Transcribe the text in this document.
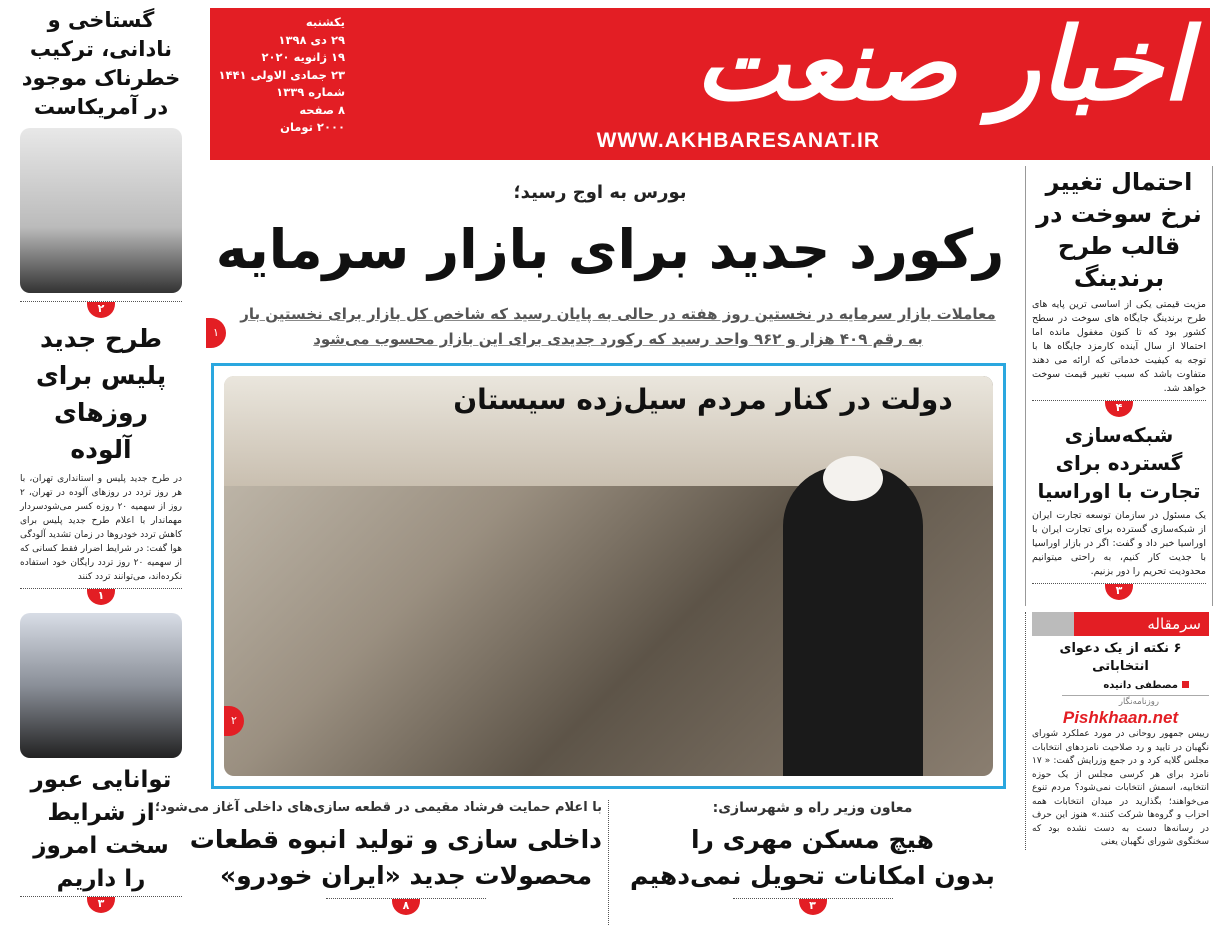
اخبار صنعت
WWW.AKHBARESANAT.IR
یکشنبه
۲۹ دی ۱۳۹۸
۱۹ ژانویه ۲۰۲۰
۲۳ جمادی الاولی ۱۴۴۱
شماره ۱۳۳۹
۸ صفحه
۲۰۰۰ تومان
بورس به اوج رسید؛
رکورد جدید برای بازار سرمایه
معاملات بازار سرمایه در نخستین روز هفته در حالی به پایان رسید که شاخص کل بازار برای نخستین بار
به رقم ۴۰۹ هزار و ۹۶۲ واحد رسید که رکورد جدیدی برای این بازار محسوب می‌شود
۱
دولت در کنار مردم سیل‌زده سیستان
۲
معاون وزیر راه و شهرسازی:
هیچ مسکن مهری را
بدون امکانات تحویل نمی‌دهیم
۳
با اعلام حمایت فرشاد مقیمی در قطعه سازی‌های داخلی آغاز می‌شود؛
داخلی سازی و تولید انبوه قطعات
محصولات جدید «ایران خودرو»
۸
گستاخی و نادانی، ترکیب خطرناک موجود در آمریکاست
۲
طرح جدید پلیس برای روزهای آلوده
در طرح جدید پلیس و استانداری تهران، با هر روز تردد در روزهای آلوده در تهران، ۲ روز از سهمیه ۲۰ روزه کسر می‌شودسردار مهماندار با اعلام طرح جدید پلیس برای کاهش تردد خودروها در زمان تشدید آلودگی هوا گفت: در شرایط اضرار فقط کسانی که از سهمیه ۲۰ روز تردد رایگان خود استفاده نکرده‌اند، می‌توانند تردد کنند
۱
توانایی عبور از شرایط سخت امروز را داریم
۳
احتمال تغییر نرخ سوخت در قالب طرح برندینگ
مزیت قیمتی یکی از اساسی ترین پایه های طرح برندینگ جایگاه های سوخت در سطح کشور بود که تا کنون مغفول مانده اما احتمالا از سال آینده کارمزد جایگاه ها با توجه به کیفیت خدماتی که ارائه می دهند متفاوت باشد که سبب تغییر قیمت سوخت خواهد شد.
۴
شبکه‌سازی گسترده برای تجارت با اوراسیا
یک مسئول در سازمان توسعه تجارت ایران از شبکه‌سازی گسترده برای تجارت ایران با اوراسیا خبر داد و گفت: اگر در بازار اوراسیا با جدیت کار کنیم، به راحتی میتوانیم محدودیت تحریم را دور بزنیم.
۳
سرمقاله
۶ نکته از یک دعوای انتخاباتی
مصطفی دانیده
روزنامه‌نگار
Pishkhaan.net
رییس جمهور روحانی در مورد عملکرد شورای نگهبان در تایید و رد صلاحیت نامزدهای انتخابات مجلس گلایه کرد و در جمع وزرایش گفت: « ۱۷ نامزد برای هر کرسی مجلس از یک حوزه انتخابیه، اسمش انتخابات نمی‌شود؟ مردم تنوع می‌خواهند؛ بگذارید در میدان انتخابات همه احزاب و گروه‌ها شرکت کنند.» هنوز این حرف در رسانه‌ها دست به دست نشده بود که سخنگوی شورای نگهبان یعنی
